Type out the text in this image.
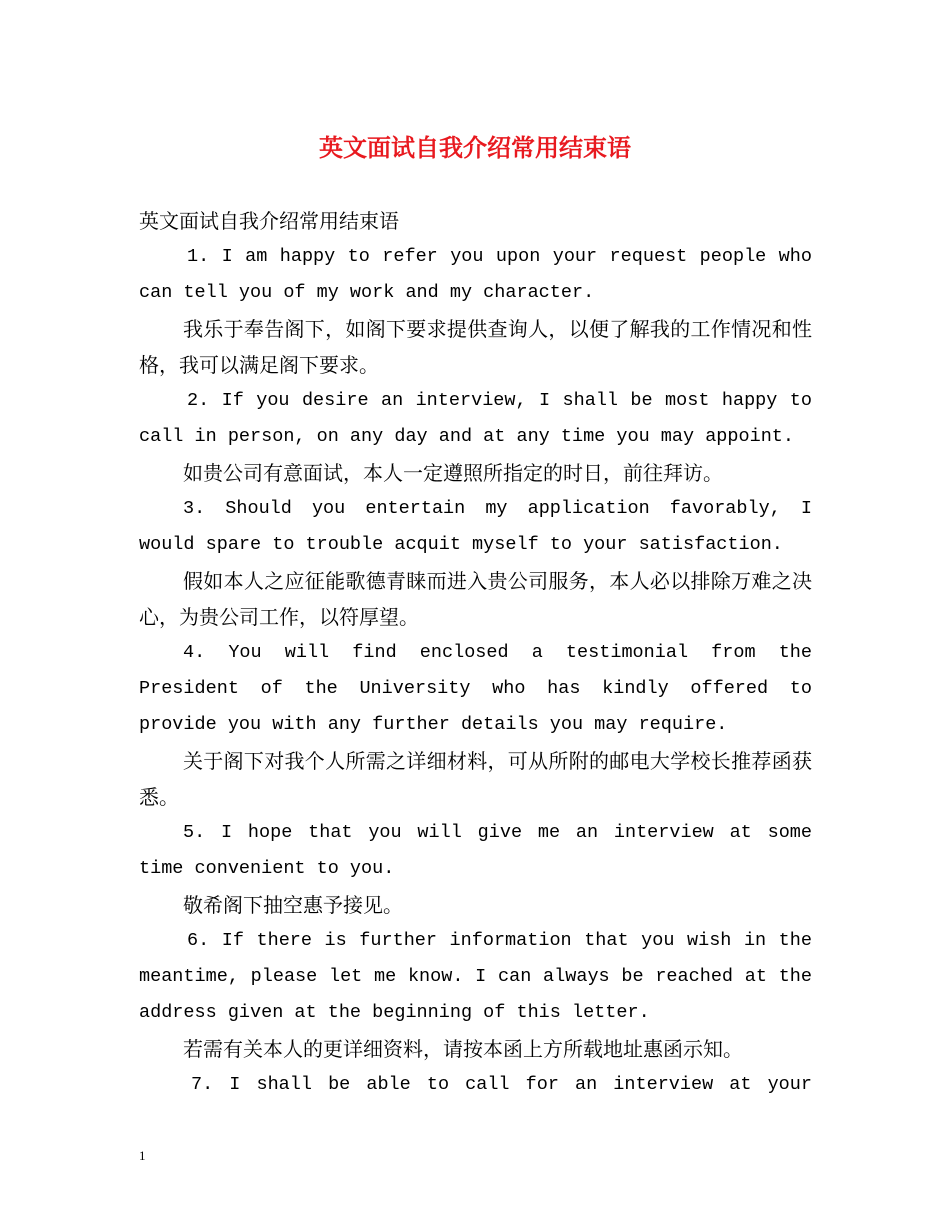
英文面试自我介绍常用结束语

英文面试自我介绍常用结束语

1. I am happy to refer you upon your request people who can tell you of my work and my character.

我乐于奉告阁下，如阁下要求提供查询人，以便了解我的工作情况和性格，我可以满足阁下要求。

2. If you desire an interview, I shall be most happy to call in person, on any day and at any time you may appoint.

如贵公司有意面试，本人一定遵照所指定的时日，前往拜访。

3. Should you entertain my application favorably, I would spare to trouble acquit myself to your satisfaction.

假如本人之应征能歌德青睐而进入贵公司服务，本人必以排除万难之决心，为贵公司工作，以符厚望。

4. You will find enclosed a testimonial from the President of the University who has kindly offered to provide you with any further details you may require.

关于阁下对我个人所需之详细材料，可从所附的邮电大学校长推荐函获悉。

5. I hope that you will give me an interview at some time convenient to you.

敬希阁下抽空惠予接见。

6. If there is further information that you wish in the meantime, please let me know. I can always be reached at the address given at the beginning of this letter.

若需有关本人的更详细资料，请按本函上方所载地址惠函示知。

7. I shall be able to call for an interview at your

1
